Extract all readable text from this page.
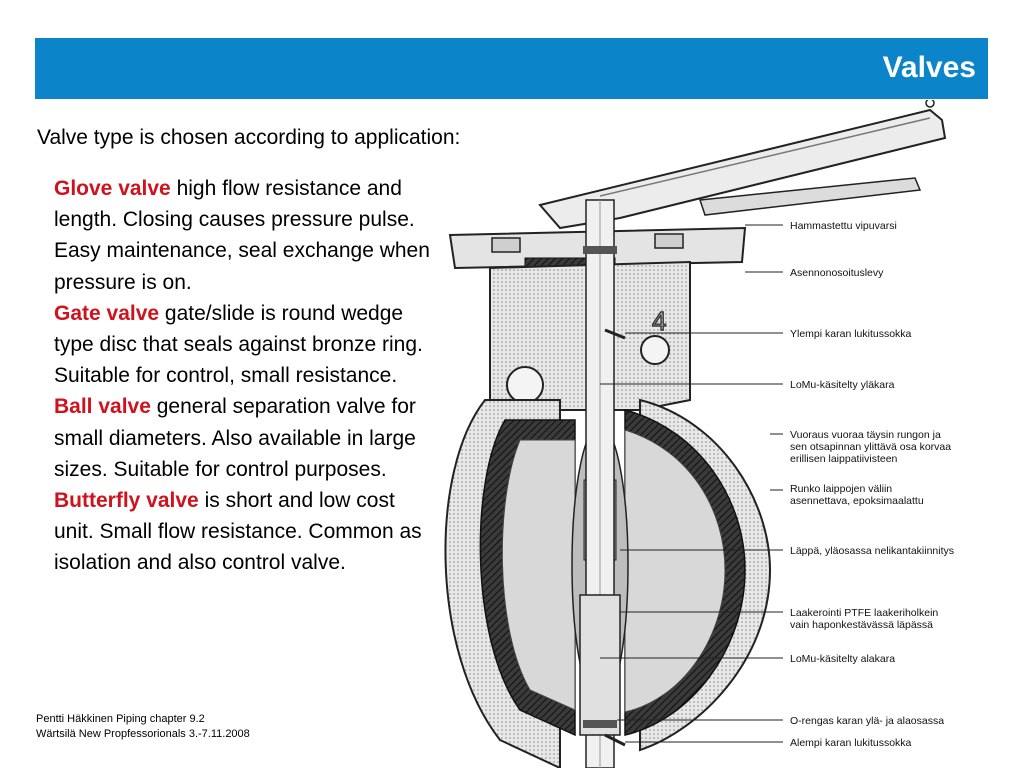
Valves
Valve type is chosen according to application:

Glove valve high flow resistance and length. Closing causes pressure pulse. Easy maintenance, seal exchange when pressure is on.

Gate valve gate/slide is round wedge type disc that seals against bronze ring. Suitable for control, small resistance.

Ball valve general separation valve for small diameters. Also available in large sizes. Suitable for control purposes.

Butterfly valve is short and low cost unit. Small flow resistance. Common as isolation and also control valve.

4
Hammastettu vipuvarsi
Asennonosoituslevy
Ylempi karan lukitussokka
LoMu-käsitelty yläkara
Vuoraus vuoraa täysin rungon ja sen otsapinnan ylittävä osa korvaa erillisen laippatiivisteen
Runko laippojen väliin asennettava, epoksimaalattu
Läppä, yläosassa nelikantakiinnitys
Laakerointi PTFE laakeriholkein vain haponkestävässä läpässä
LoMu-käsitelty alakara
O-rengas karan ylä- ja alaosassa
Alempi karan lukitussokka
Pentti Häkkinen Piping chapter 9.2
Wärtsilä New Propfessorionals 3.-7.11.2008
